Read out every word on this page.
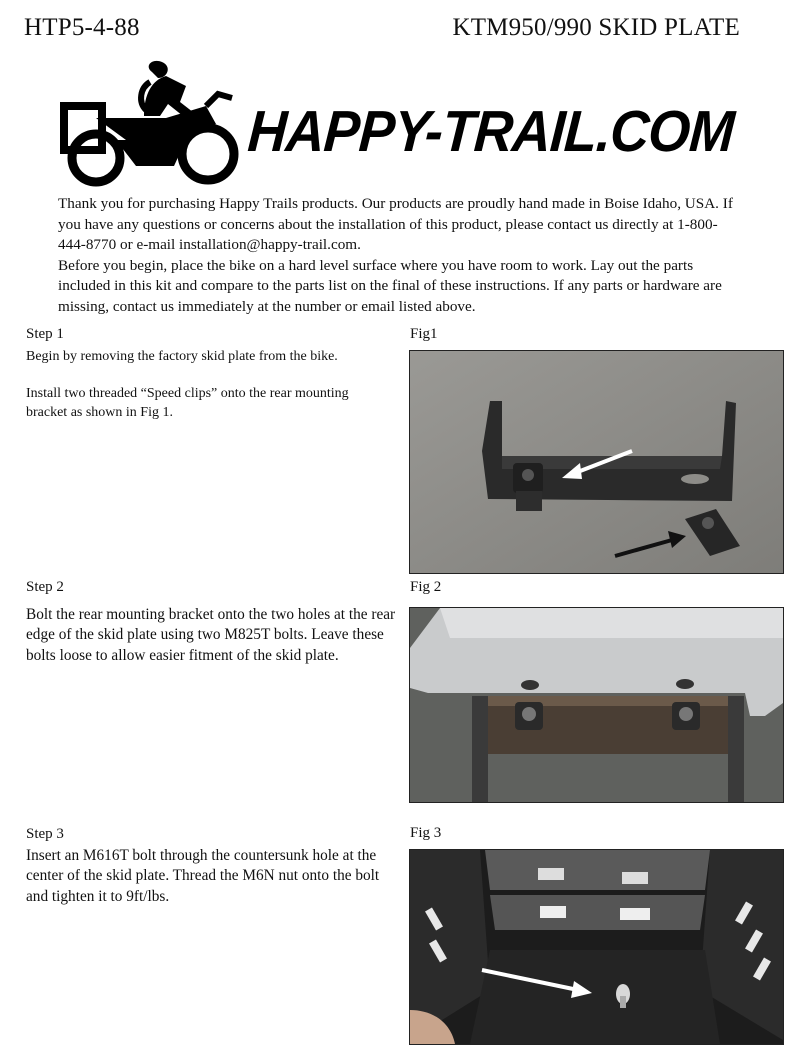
HTP5-4-88	KTM950/990 SKID PLATE
HAPPY-TRAIL.COM

Thank you for purchasing Happy Trails products. Our products are proudly hand made in Boise Idaho, USA. If you have any questions or concerns about the installation of this product, please contact us directly at 1-800-444-8770 or e-mail installation@happy-trail.com.

Before you begin, place the bike on a hard level surface where you have room to work. Lay out the parts included in this kit and compare to the parts list on the final of these instructions. If any parts or hardware are missing, contact us immediately at the number or email listed above.

Step 1
Begin by removing the factory skid plate from the bike.
Install two threaded “Speed clips” onto the rear mounting bracket as shown in Fig 1.
Fig1
Step 2
Bolt the rear mounting bracket onto the two holes at the rear edge of the skid plate using two M825T bolts. Leave these bolts loose to allow easier fitment of the skid plate.
Fig 2
Step 3
Insert an M616T bolt through the countersunk hole at the center of the skid plate. Thread the M6N nut onto the bolt and tighten it to 9ft/lbs.
Fig 3
